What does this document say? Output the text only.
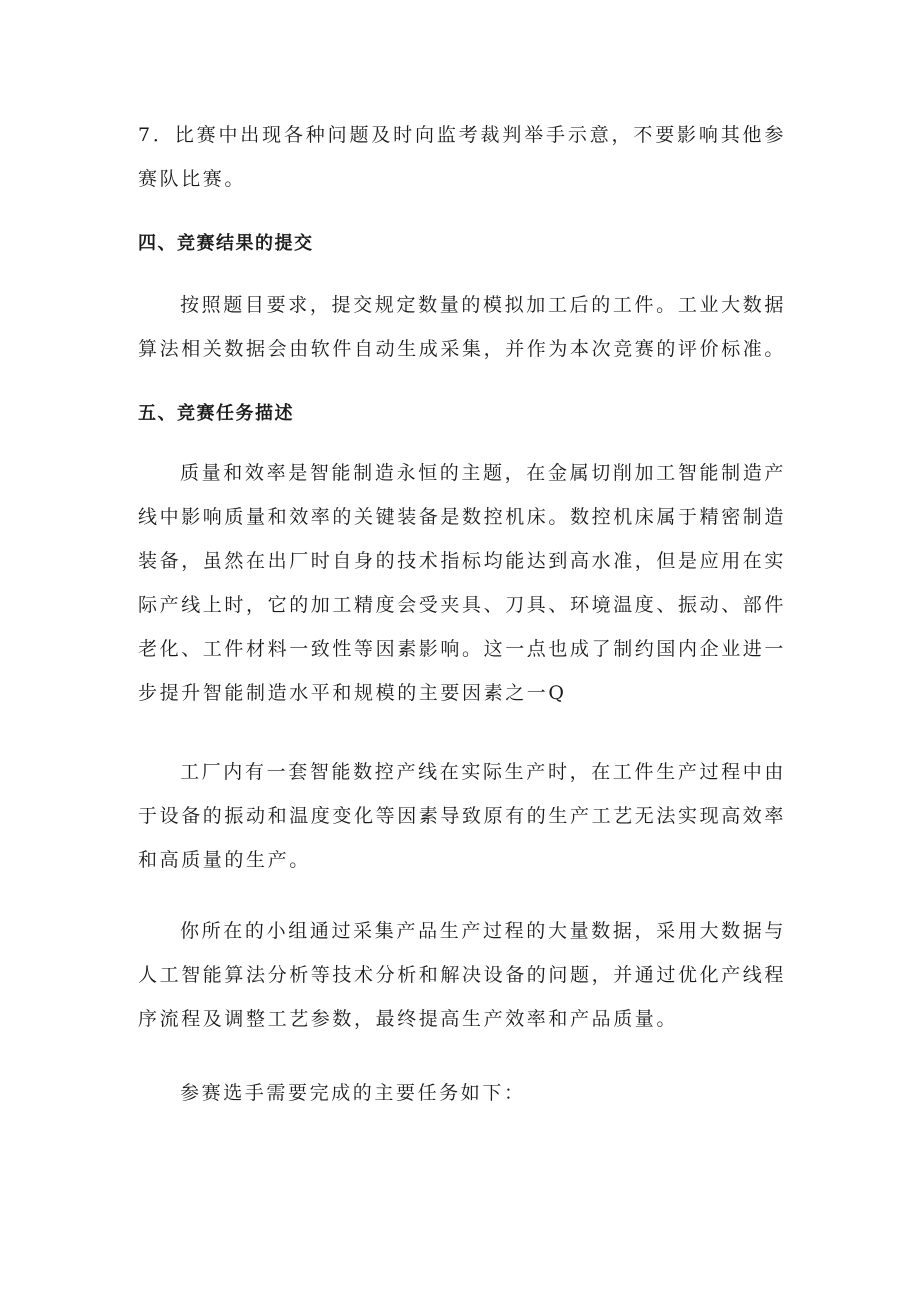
7．比赛中出现各种问题及时向监考裁判举手示意，不要影响其他参赛队比赛。

四、竞赛结果的提交

按照题目要求，提交规定数量的模拟加工后的工件。工业大数据算法相关数据会由软件自动生成采集，并作为本次竞赛的评价标准。

五、竞赛任务描述

质量和效率是智能制造永恒的主题，在金属切削加工智能制造产线中影响质量和效率的关键装备是数控机床。数控机床属于精密制造装备，虽然在出厂时自身的技术指标均能达到高水准，但是应用在实际产线上时，它的加工精度会受夹具、刀具、环境温度、振动、部件老化、工件材料一致性等因素影响。这一点也成了制约国内企业进一步提升智能制造水平和规模的主要因素之一Q

工厂内有一套智能数控产线在实际生产时，在工件生产过程中由于设备的振动和温度变化等因素导致原有的生产工艺无法实现高效率和高质量的生产。

你所在的小组通过采集产品生产过程的大量数据，采用大数据与人工智能算法分析等技术分析和解决设备的问题，并通过优化产线程序流程及调整工艺参数，最终提高生产效率和产品质量。

参赛选手需要完成的主要任务如下：
